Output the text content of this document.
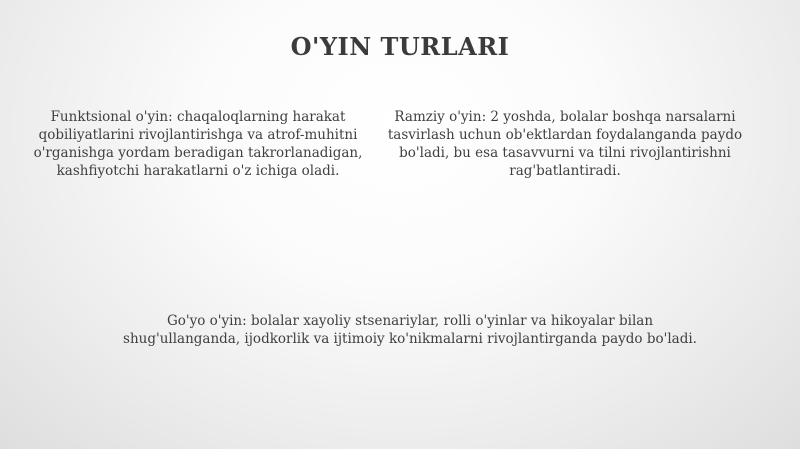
O'YIN TURLARI

Funktsional o'yin: chaqaloqlarning harakat qobiliyatlarini rivojlantirishga va atrof-muhitni o'rganishga yordam beradigan takrorlanadigan, kashfiyotchi harakatlarni o'z ichiga oladi.

Ramziy o'yin: 2 yoshda, bolalar boshqa narsalarni tasvirlash uchun ob'ektlardan foydalanganda paydo bo'ladi, bu esa tasavvurni va tilni rivojlantirishni rag'batlantiradi.

Go'yo o'yin: bolalar xayoliy stsenariylar, rolli o'yinlar va hikoyalar bilan shug'ullanganda, ijodkorlik va ijtimoiy ko'nikmalarni rivojlantirganda paydo bo'ladi.
